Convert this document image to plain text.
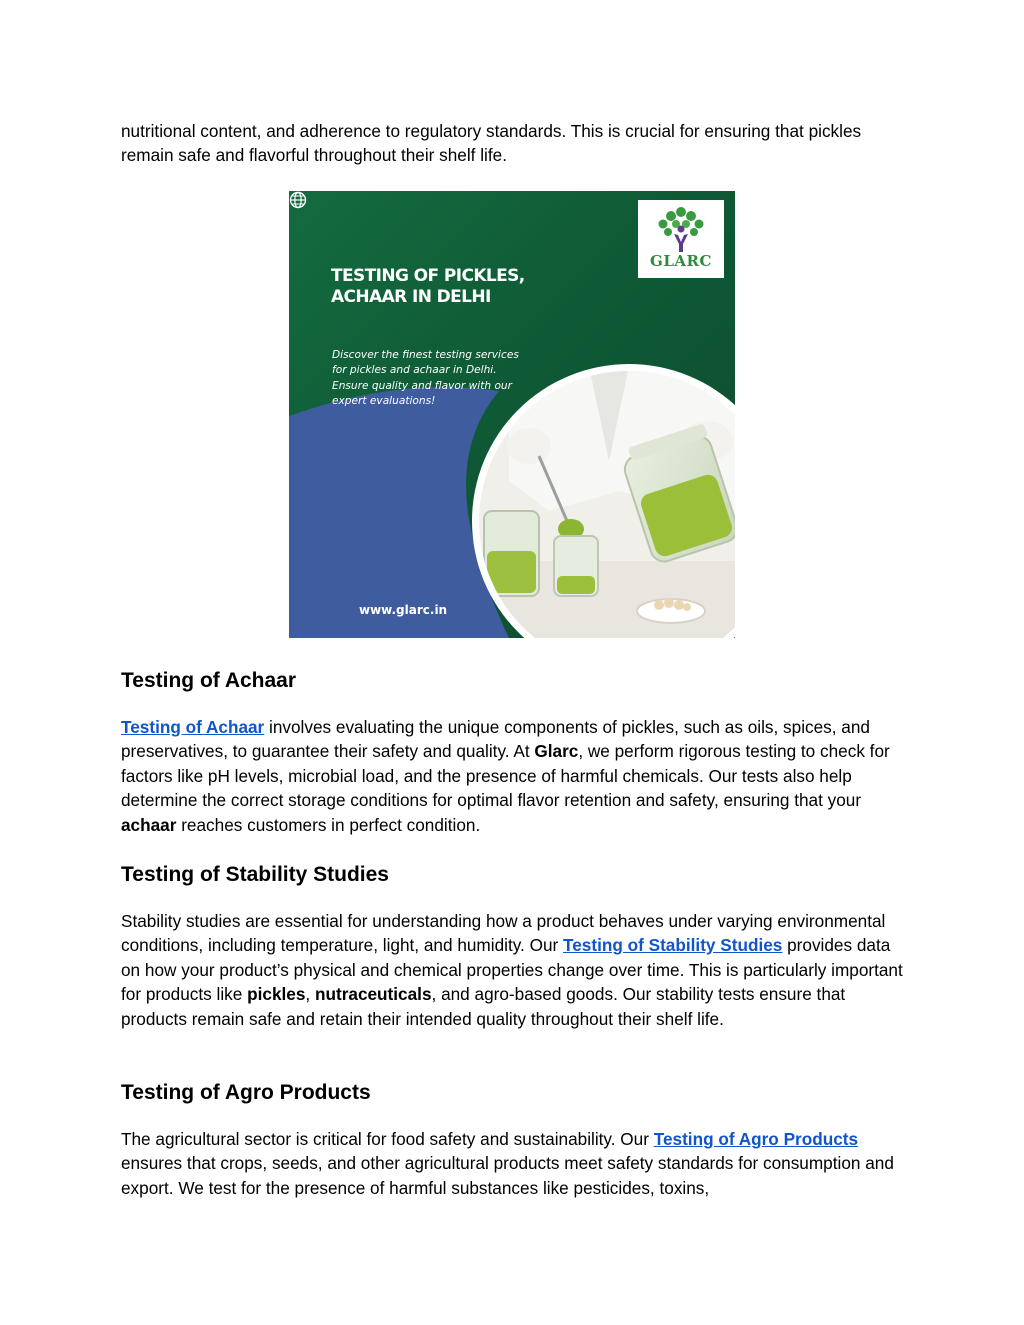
nutritional content, and adherence to regulatory standards. This is crucial for ensuring that pickles remain safe and flavorful throughout their shelf life.

GLARC
TESTING OF PICKLES,
ACHAAR IN DELHI
Discover the finest testing services for pickles and achaar in Delhi. Ensure quality and flavor with our expert evaluations!
www.glarc.in
Testing of Achaar

Testing of Achaar involves evaluating the unique components of pickles, such as oils, spices, and preservatives, to guarantee their safety and quality. At Glarc, we perform rigorous testing to check for factors like pH levels, microbial load, and the presence of harmful chemicals. Our tests also help determine the correct storage conditions for optimal flavor retention and safety, ensuring that your achaar reaches customers in perfect condition.

Testing of Stability Studies

Stability studies are essential for understanding how a product behaves under varying environmental conditions, including temperature, light, and humidity. Our Testing of Stability Studies provides data on how your product’s physical and chemical properties change over time. This is particularly important for products like pickles, nutraceuticals, and agro-based goods. Our stability tests ensure that products remain safe and retain their intended quality throughout their shelf life.

Testing of Agro Products

The agricultural sector is critical for food safety and sustainability. Our Testing of Agro Products ensures that crops, seeds, and other agricultural products meet safety standards for consumption and export. We test for the presence of harmful substances like pesticides, toxins,
